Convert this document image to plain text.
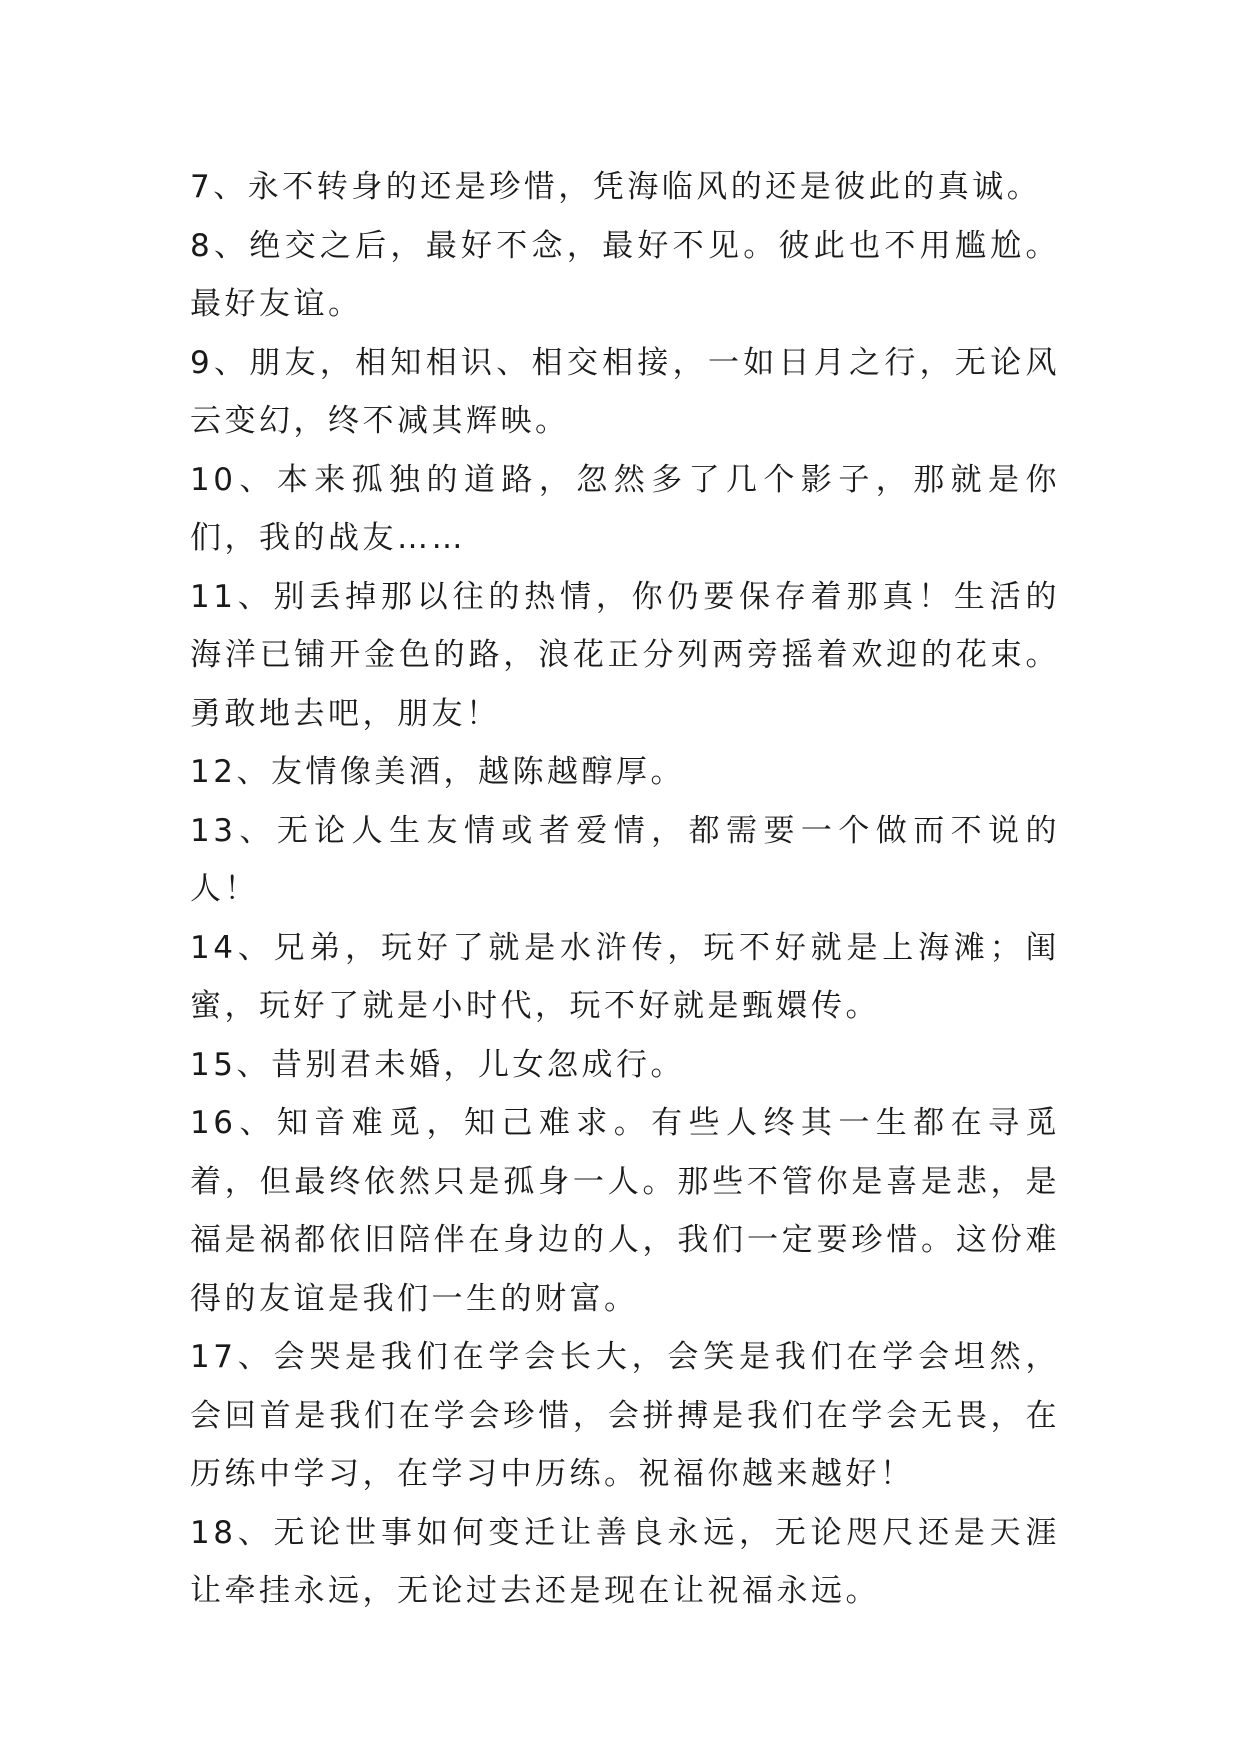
7、永不转身的还是珍惜，凭海临风的还是彼此的真诚。

8、绝交之后，最好不念，最好不见。彼此也不用尴尬。最好友谊。

9、朋友，相知相识、相交相接，一如日月之行，无论风云变幻，终不减其辉映。

10、本来孤独的道路，忽然多了几个影子，那就是你们，我的战友……

11、别丢掉那以往的热情，你仍要保存着那真！生活的海洋已铺开金色的路，浪花正分列两旁摇着欢迎的花束。勇敢地去吧，朋友！

12、友情像美酒，越陈越醇厚。

13、无论人生友情或者爱情，都需要一个做而不说的人！

14、兄弟，玩好了就是水浒传，玩不好就是上海滩；闺蜜，玩好了就是小时代，玩不好就是甄嬛传。

15、昔别君未婚，儿女忽成行。

16、知音难觅，知己难求。有些人终其一生都在寻觅着，但最终依然只是孤身一人。那些不管你是喜是悲，是福是祸都依旧陪伴在身边的人，我们一定要珍惜。这份难得的友谊是我们一生的财富。

17、会哭是我们在学会长大，会笑是我们在学会坦然，会回首是我们在学会珍惜，会拼搏是我们在学会无畏，在历练中学习，在学习中历练。祝福你越来越好！

18、无论世事如何变迁让善良永远，无论咫尺还是天涯让牵挂永远，无论过去还是现在让祝福永远。
